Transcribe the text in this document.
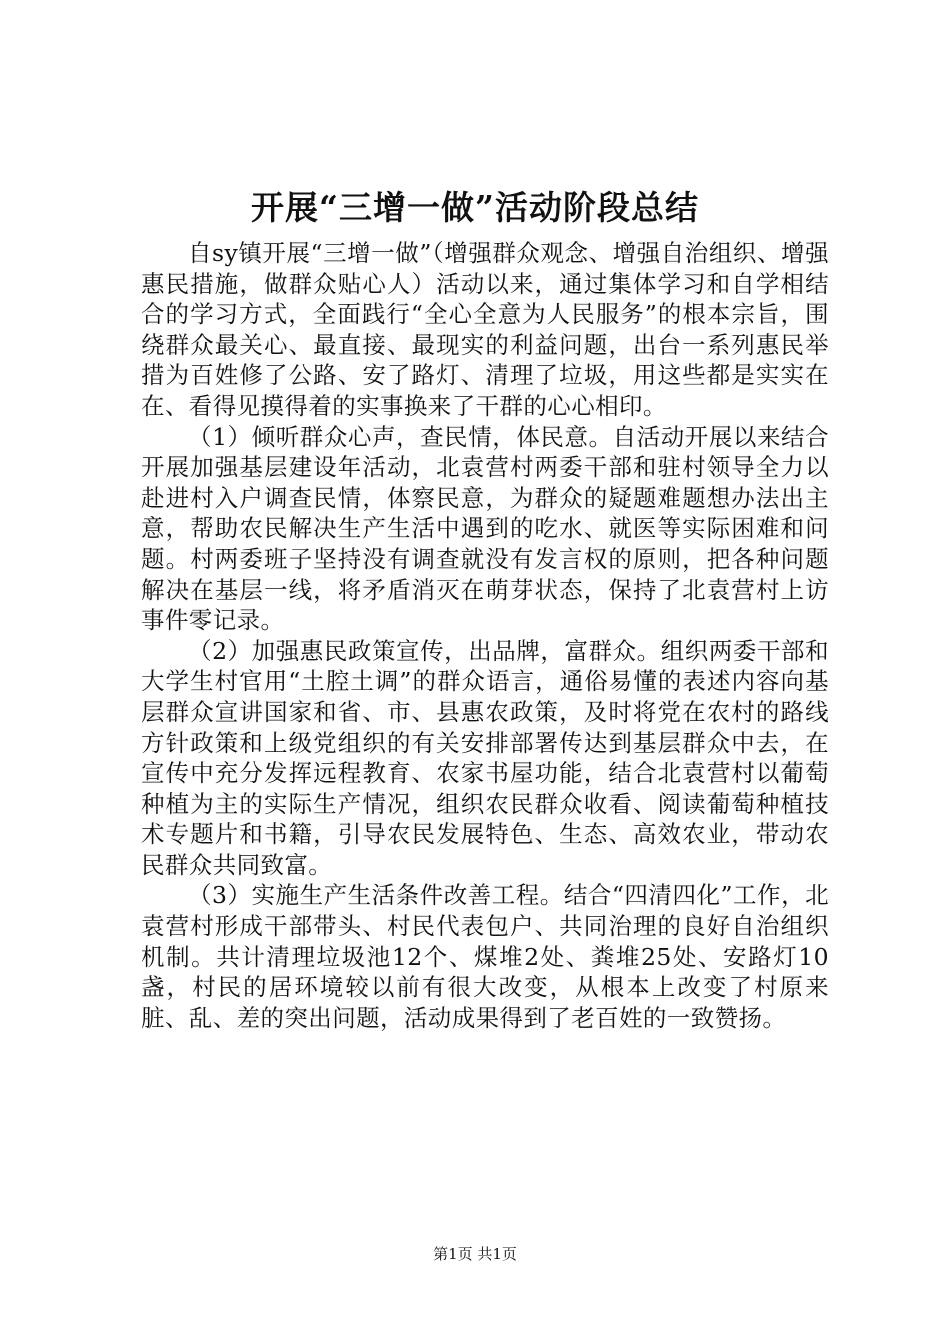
开展“三增一做”活动阶段总结

自sy镇开展“三增一做”（增强群众观念、增强自治组织、增强惠民措施，做群众贴心人）活动以来，通过集体学习和自学相结合的学习方式，全面践行“全心全意为人民服务”的根本宗旨，围绕群众最关心、最直接、最现实的利益问题，出台一系列惠民举措为百姓修了公路、安了路灯、清理了垃圾，用这些都是实实在在、看得见摸得着的实事换来了干群的心心相印。

（1）倾听群众心声，查民情，体民意。自活动开展以来结合开展加强基层建设年活动，北袁营村两委干部和驻村领导全力以赴进村入户调查民情，体察民意，为群众的疑题难题想办法出主意，帮助农民解决生产生活中遇到的吃水、就医等实际困难和问题。村两委班子坚持没有调查就没有发言权的原则，把各种问题解决在基层一线，将矛盾消灭在萌芽状态，保持了北袁营村上访事件零记录。

（2）加强惠民政策宣传，出品牌，富群众。组织两委干部和大学生村官用“土腔土调”的群众语言，通俗易懂的表述内容向基层群众宣讲国家和省、市、县惠农政策，及时将党在农村的路线方针政策和上级党组织的有关安排部署传达到基层群众中去，在宣传中充分发挥远程教育、农家书屋功能，结合北袁营村以葡萄种植为主的实际生产情况，组织农民群众收看、阅读葡萄种植技术专题片和书籍，引导农民发展特色、生态、高效农业，带动农民群众共同致富。

（3）实施生产生活条件改善工程。结合“四清四化”工作，北袁营村形成干部带头、村民代表包户、共同治理的良好自治组织机制。共计清理垃圾池12个、煤堆2处、粪堆25处、安路灯10盏，村民的居环境较以前有很大改变，从根本上改变了村原来脏、乱、差的突出问题，活动成果得到了老百姓的一致赞扬。

第1页 共1页
